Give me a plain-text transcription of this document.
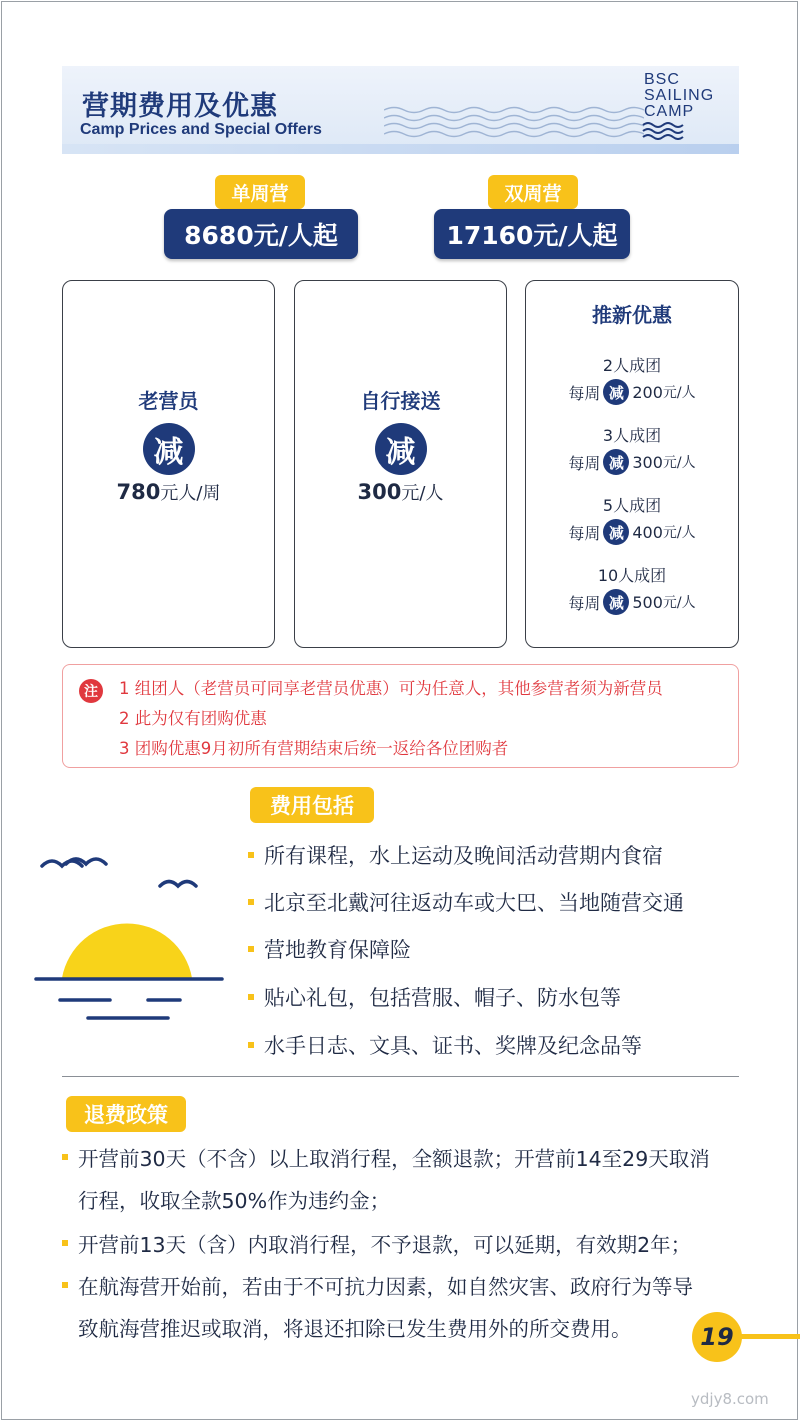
营期费用及优惠
Camp Prices and Special Offers
BSC
SAILING
CAMP
单周营
8680元/人起
双周营
17160元/人起
老营员
减
780元人/周
自行接送
减
300元/人
推新优惠
2人成团
每周 减 200 元/人
3人成团
每周 减 300 元/人
5人成团
每周 减 400 元/人
10人成团
每周 减 500 元/人
注	1 组团人（老营员可同享老营员优惠）可为任意人，其他参营者须为新营员
2 此为仅有团购优惠
3 团购优惠9月初所有营期结束后统一返给各位团购者
费用包括
所有课程，水上运动及晚间活动营期内食宿
北京至北戴河往返动车或大巴、当地随营交通
营地教育保障险
贴心礼包，包括营服、帽子、防水包等
水手日志、文具、证书、奖牌及纪念品等
退费政策
开营前30天（不含）以上取消行程，全额退款；开营前14至29天取消
行程，收取全款50%作为违约金；
开营前13天（含）内取消行程，不予退款，可以延期，有效期2年；
在航海营开始前，若由于不可抗力因素，如自然灾害、政府行为等导
致航海营推迟或取消，将退还扣除已发生费用外的所交费用。	19
ydjy8.com
